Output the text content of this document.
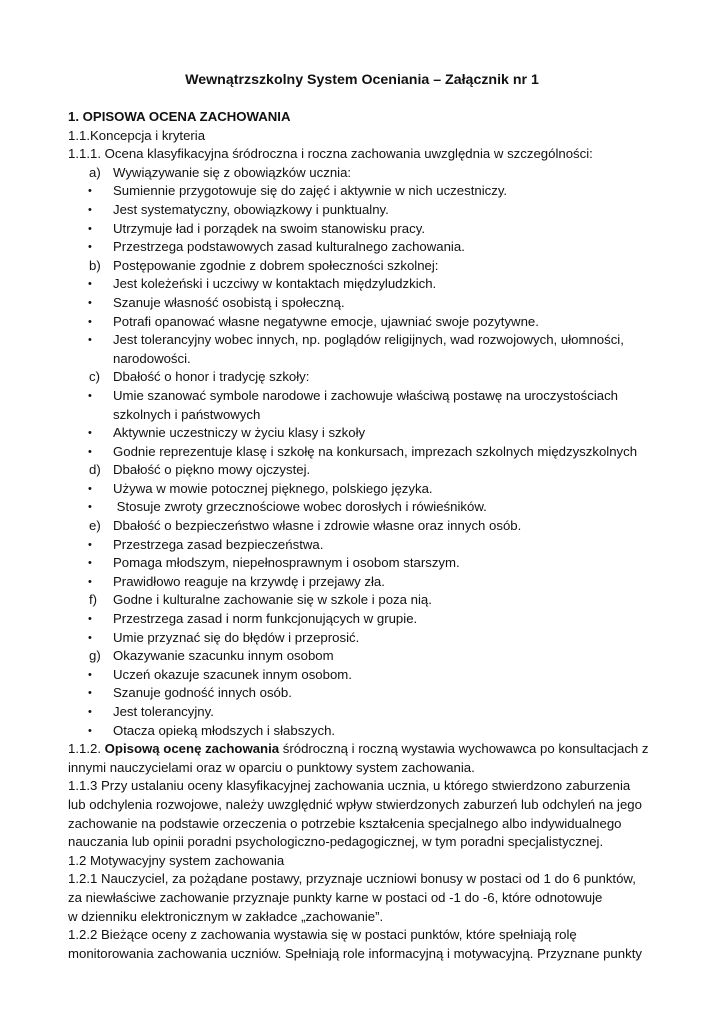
Wewnątrzszkolny System Oceniania – Załącznik nr 1

1. OPISOWA OCENA ZACHOWANIA

1.1.Koncepcja i kryteria

1.1.1. Ocena klasyfikacyjna śródroczna i roczna zachowania uwzględnia w szczególności:

a) Wywiązywanie się z obowiązków ucznia:

• Sumiennie przygotowuje się do zajęć i aktywnie w nich uczestniczy.

• Jest systematyczny, obowiązkowy i punktualny.

• Utrzymuje ład i porządek na swoim stanowisku pracy.

• Przestrzega podstawowych zasad kulturalnego zachowania.

b) Postępowanie zgodnie z dobrem społeczności szkolnej:

• Jest koleżeński i uczciwy w kontaktach międzyludzkich.

• Szanuje własność osobistą i społeczną.

• Potrafi opanować własne negatywne emocje, ujawniać swoje pozytywne.

• Jest tolerancyjny wobec innych, np. poglądów religijnych, wad rozwojowych, ułomności, narodowości.

c) Dbałość o honor i tradycję szkoły:

• Umie szanować symbole narodowe i zachowuje właściwą postawę na uroczystościach szkolnych i państwowych

• Aktywnie uczestniczy w życiu klasy i szkoły

• Godnie reprezentuje klasę i szkołę na konkursach, imprezach szkolnych międzyszkolnych

d) Dbałość o piękno mowy ojczystej.

• Używa w mowie potocznej pięknego, polskiego języka.

• Stosuje zwroty grzecznościowe wobec dorosłych i rówieśników.

e) Dbałość o bezpieczeństwo własne i zdrowie własne oraz innych osób.

• Przestrzega zasad bezpieczeństwa.

• Pomaga młodszym, niepełnosprawnym i osobom starszym.

• Prawidłowo reaguje na krzywdę i przejawy zła.

f) Godne i kulturalne zachowanie się w szkole i poza nią.

• Przestrzega zasad i norm funkcjonujących w grupie.

• Umie przyznać się do błędów i przeprosić.

g) Okazywanie szacunku innym osobom

• Uczeń okazuje szacunek innym osobom.

• Szanuje godność innych osób.

• Jest tolerancyjny.

• Otacza opieką młodszych i słabszych.

1.1.2. Opisową ocenę zachowania śródroczną i roczną wystawia wychowawca po konsultacjach z

innymi nauczycielami oraz w oparciu o punktowy system zachowania.

1.1.3 Przy ustalaniu oceny klasyfikacyjnej zachowania ucznia, u którego stwierdzono zaburzenia

lub odchylenia rozwojowe, należy uwzględnić wpływ stwierdzonych zaburzeń lub odchyleń na jego

zachowanie na podstawie orzeczenia o potrzebie kształcenia specjalnego albo indywidualnego

nauczania lub opinii poradni psychologiczno-pedagogicznej, w tym poradni specjalistycznej.

1.2 Motywacyjny system zachowania

1.2.1 Nauczyciel, za pożądane postawy, przyznaje uczniowi bonusy w postaci od 1 do 6 punktów,

za niewłaściwe zachowanie przyznaje punkty karne w postaci od -1 do -6, które odnotowuje

w dzienniku elektronicznym w zakładce „zachowanie”.

1.2.2 Bieżące oceny z zachowania wystawia się w postaci punktów, które spełniają rolę

monitorowania zachowania uczniów. Spełniają role informacyjną i motywacyjną. Przyznane punkty
